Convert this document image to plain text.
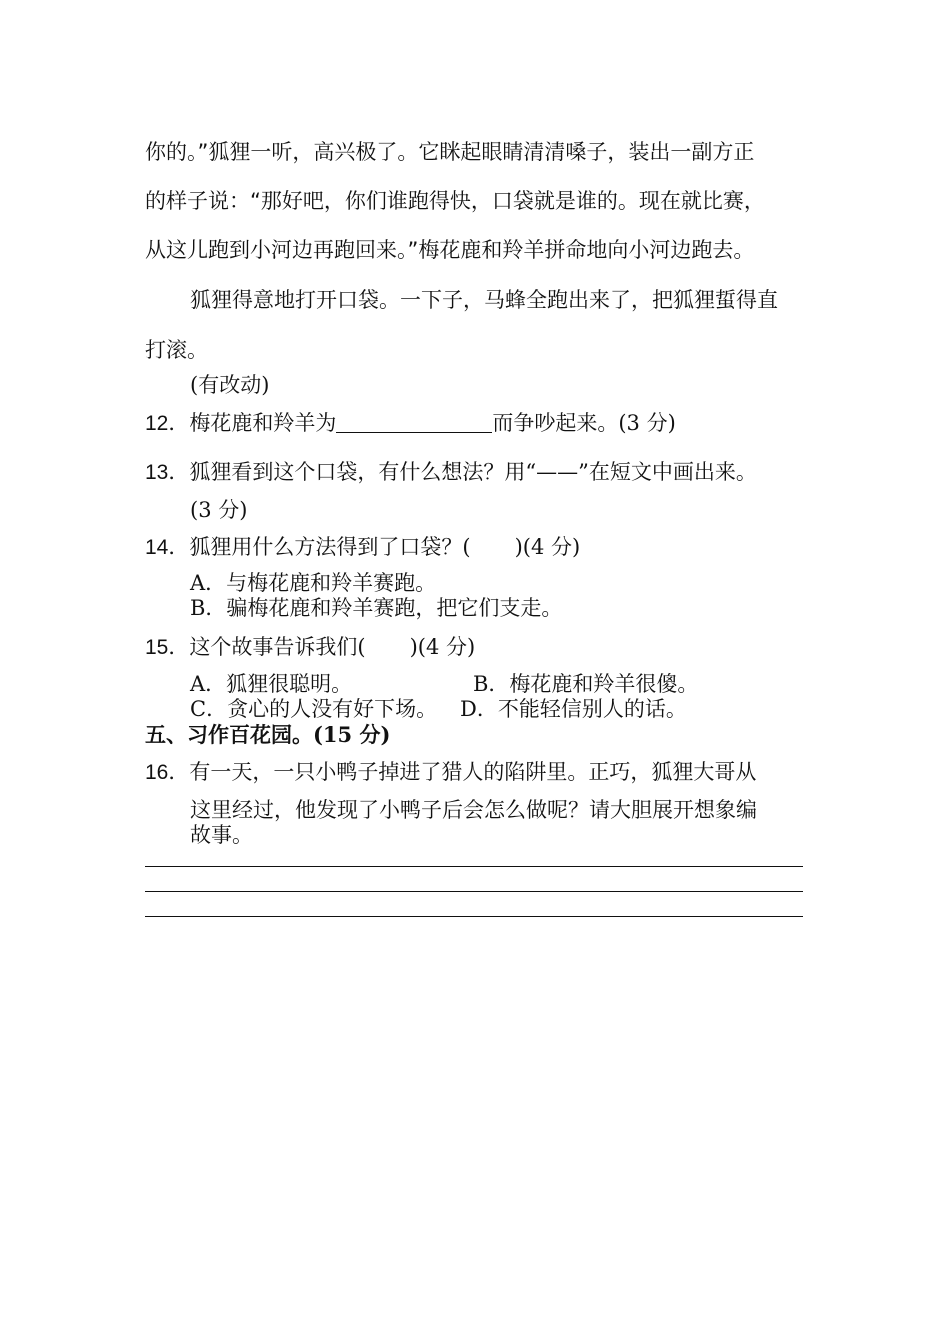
你的。”狐狸一听，高兴极了。它眯起眼睛清清嗓子，装出一副方正
的样子说：“那好吧，你们谁跑得快，口袋就是谁的。现在就比赛，
从这儿跑到小河边再跑回来。”梅花鹿和羚羊拼命地向小河边跑去。
狐狸得意地打开口袋。一下子，马蜂全跑出来了，把狐狸蜇得直
打滚。
(有改动)
12．梅花鹿和羚羊为	而争吵起来。(3 分)
13．狐狸看到这个口袋，有什么想法？用“——”在短文中画出来。
(3 分)
14．狐狸用什么方法得到了口袋？( )(4 分)
A．与梅花鹿和羚羊赛跑。
B．骗梅花鹿和羚羊赛跑，把它们支走。
15．这个故事告诉我们( )(4 分)
A．狐狸很聪明。	B．梅花鹿和羚羊很傻。
C．贪心的人没有好下场。 D．不能轻信别人的话。
五、习作百花园。(15 分)
16．有一天，一只小鸭子掉进了猎人的陷阱里。正巧，狐狸大哥从
这里经过，他发现了小鸭子后会怎么做呢？请大胆展开想象编
故事。
